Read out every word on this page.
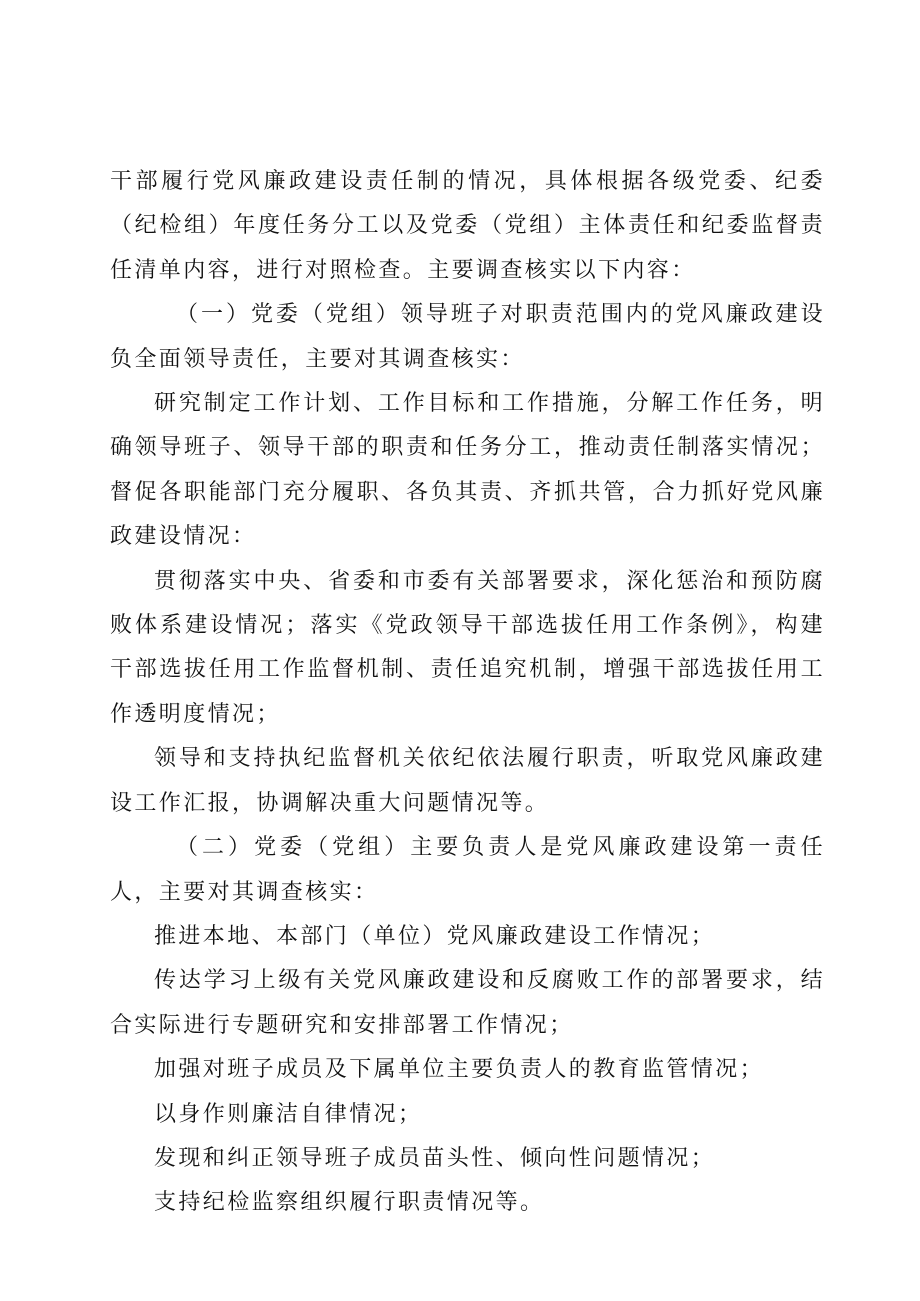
干部履行党风廉政建设责任制的情况，具体根据各级党委、纪委（纪检组）年度任务分工以及党委（党组）主体责任和纪委监督责任清单内容，进行对照检查。主要调查核实以下内容：

（一）党委（党组）领导班子对职责范围内的党风廉政建设负全面领导责任，主要对其调查核实：

研究制定工作计划、工作目标和工作措施，分解工作任务，明确领导班子、领导干部的职责和任务分工，推动责任制落实情况；督促各职能部门充分履职、各负其责、齐抓共管，合力抓好党风廉政建设情况：

贯彻落实中央、省委和市委有关部署要求，深化惩治和预防腐败体系建设情况；落实《党政领导干部选拔任用工作条例》，构建干部选拔任用工作监督机制、责任追究机制，增强干部选拔任用工作透明度情况；

领导和支持执纪监督机关依纪依法履行职责，听取党风廉政建设工作汇报，协调解决重大问题情况等。

（二）党委（党组）主要负责人是党风廉政建设第一责任人，主要对其调查核实：

推进本地、本部门（单位）党风廉政建设工作情况；

传达学习上级有关党风廉政建设和反腐败工作的部署要求，结合实际进行专题研究和安排部署工作情况；

加强对班子成员及下属单位主要负责人的教育监管情况；

以身作则廉洁自律情况；

发现和纠正领导班子成员苗头性、倾向性问题情况；

支持纪检监察组织履行职责情况等。
